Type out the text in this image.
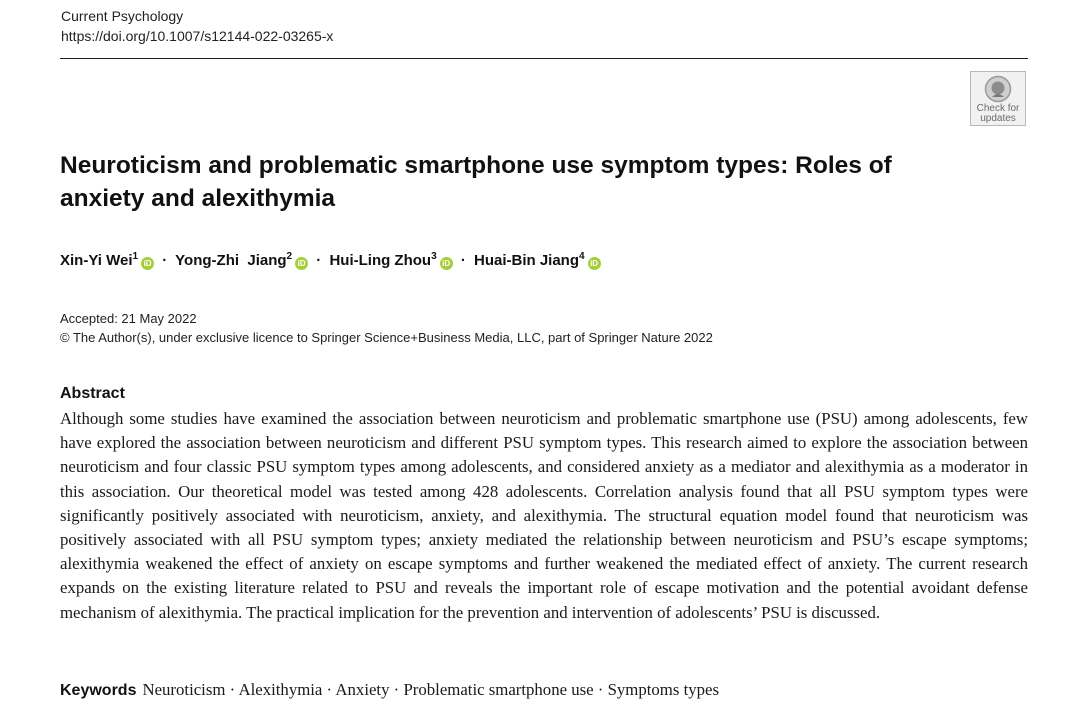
Current Psychology
https://doi.org/10.1007/s12144-022-03265-x
Check for
updates
Neuroticism and problematic smartphone use symptom types: Roles of anxiety and alexithymia
Xin-Yi Wei$^1$iD · Yong-Zhi  Jiang$^2$iD · Hui-Ling Zhou$^3$iD · Huai-Bin Jiang$^4$iD
Accepted: 21 May 2022
© The Author(s), under exclusive licence to Springer Science+Business Media, LLC, part of Springer Nature 2022
Abstract

Although some studies have examined the association between neuroticism and problematic smartphone use (PSU) among adolescents, few have explored the association between neuroticism and different PSU symptom types. This research aimed to explore the association between neuroticism and four classic PSU symptom types among adolescents, and considered anxiety as a mediator and alexithymia as a moderator in this association. Our theoretical model was tested among 428 adolescents. Correlation analysis found that all PSU symptom types were significantly positively associated with neuroticism, anxiety, and alexithymia. The structural equation model found that neuroticism was positively associated with all PSU symptom types; anxiety mediated the relationship between neuroticism and PSU’s escape symptoms; alexithymia weakened the effect of anxiety on escape symptoms and further weakened the mediated effect of anxiety. The current research expands on the existing literature related to PSU and reveals the important role of escape motivation and the potential avoidant defense mechanism of alexithymia. The practical implication for the prevention and intervention of adolescents’ PSU is discussed.

Keywords Neuroticism · Alexithymia · Anxiety · Problematic smartphone use · Symptoms types
